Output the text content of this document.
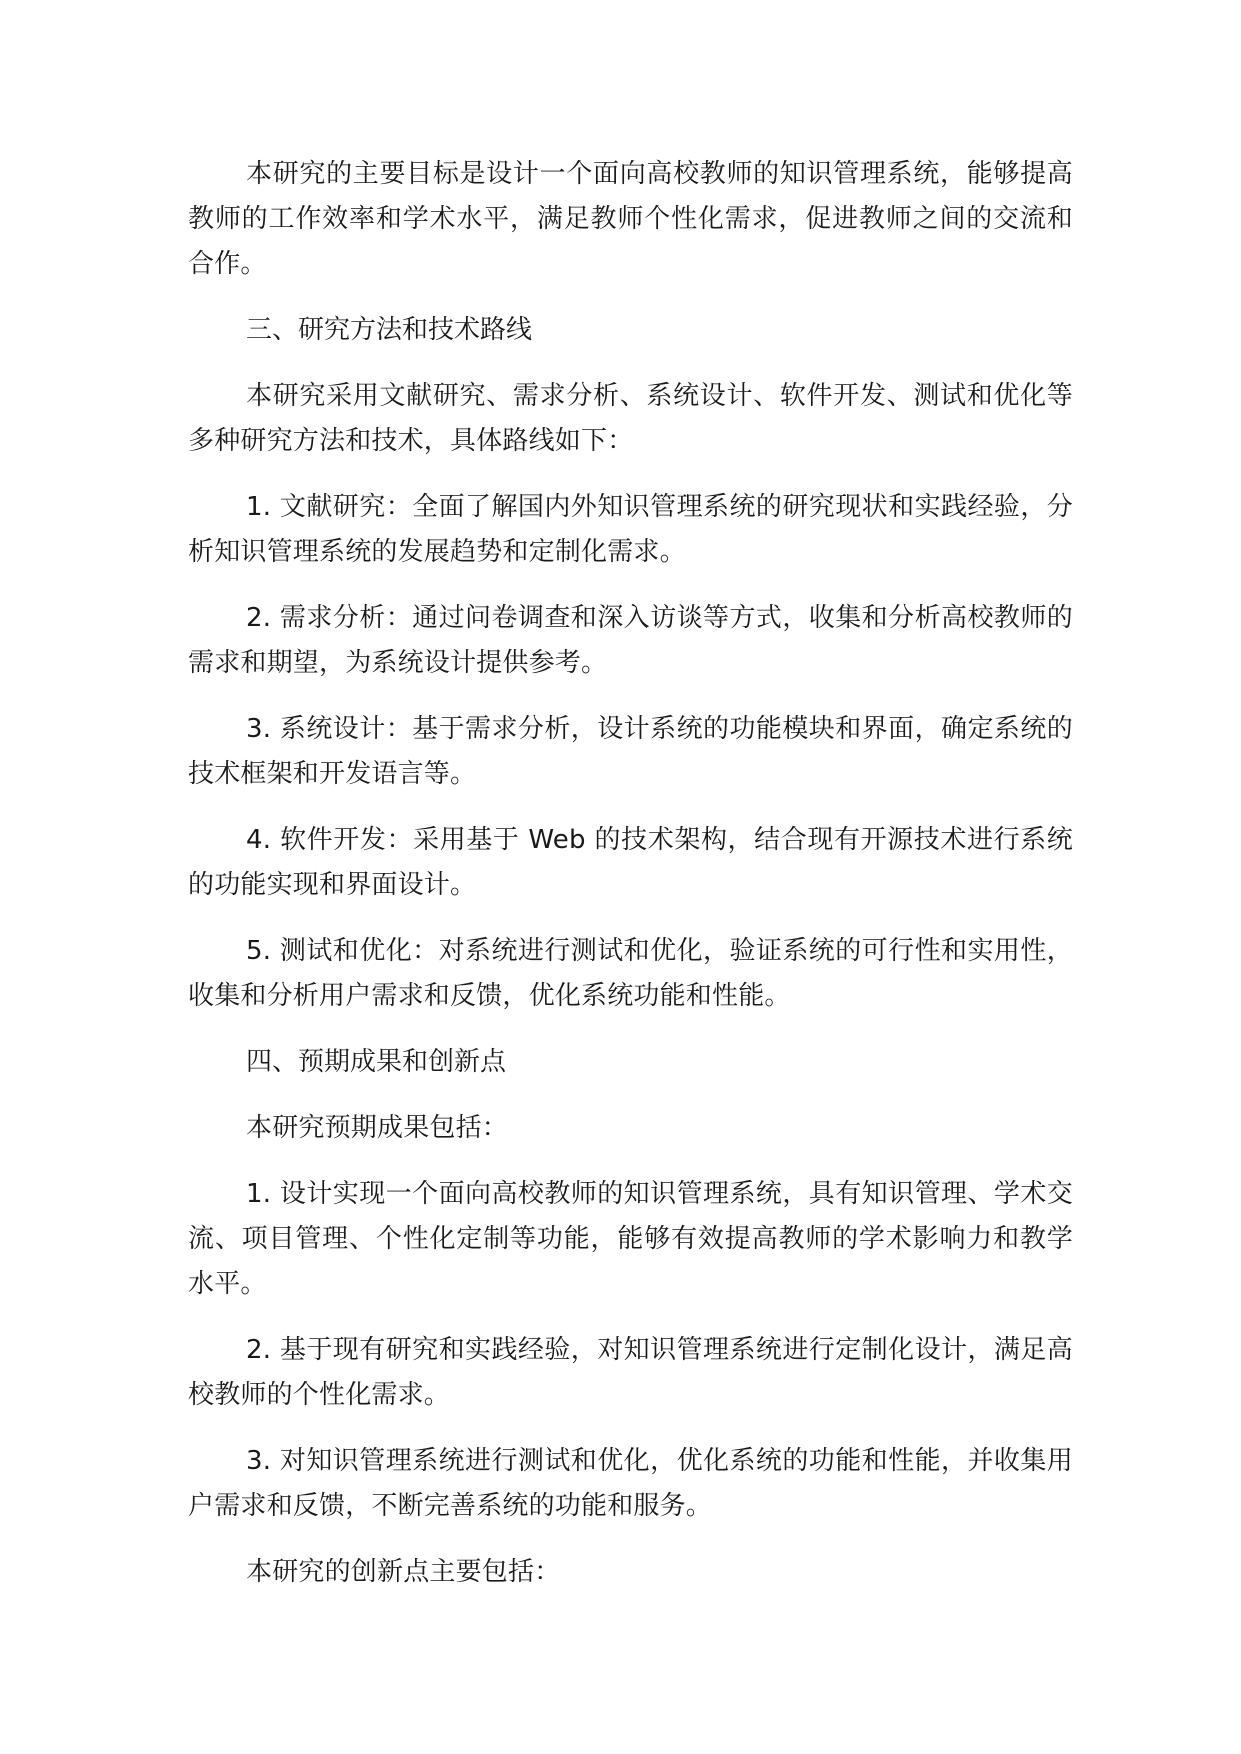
本研究的主要目标是设计一个面向高校教师的知识管理系统，能够提高教师的工作效率和学术水平，满足教师个性化需求，促进教师之间的交流和合作。

三、研究方法和技术路线

本研究采用文献研究、需求分析、系统设计、软件开发、测试和优化等多种研究方法和技术，具体路线如下：

1. 文献研究：全面了解国内外知识管理系统的研究现状和实践经验，分析知识管理系统的发展趋势和定制化需求。

2. 需求分析：通过问卷调查和深入访谈等方式，收集和分析高校教师的需求和期望，为系统设计提供参考。

3. 系统设计：基于需求分析，设计系统的功能模块和界面，确定系统的技术框架和开发语言等。

4. 软件开发：采用基于 Web 的技术架构，结合现有开源技术进行系统的功能实现和界面设计。

5. 测试和优化：对系统进行测试和优化，验证系统的可行性和实用性，收集和分析用户需求和反馈，优化系统功能和性能。

四、预期成果和创新点

本研究预期成果包括：

1. 设计实现一个面向高校教师的知识管理系统，具有知识管理、学术交流、项目管理、个性化定制等功能，能够有效提高教师的学术影响力和教学水平。

2. 基于现有研究和实践经验，对知识管理系统进行定制化设计，满足高校教师的个性化需求。

3. 对知识管理系统进行测试和优化，优化系统的功能和性能，并收集用户需求和反馈，不断完善系统的功能和服务。

本研究的创新点主要包括：
